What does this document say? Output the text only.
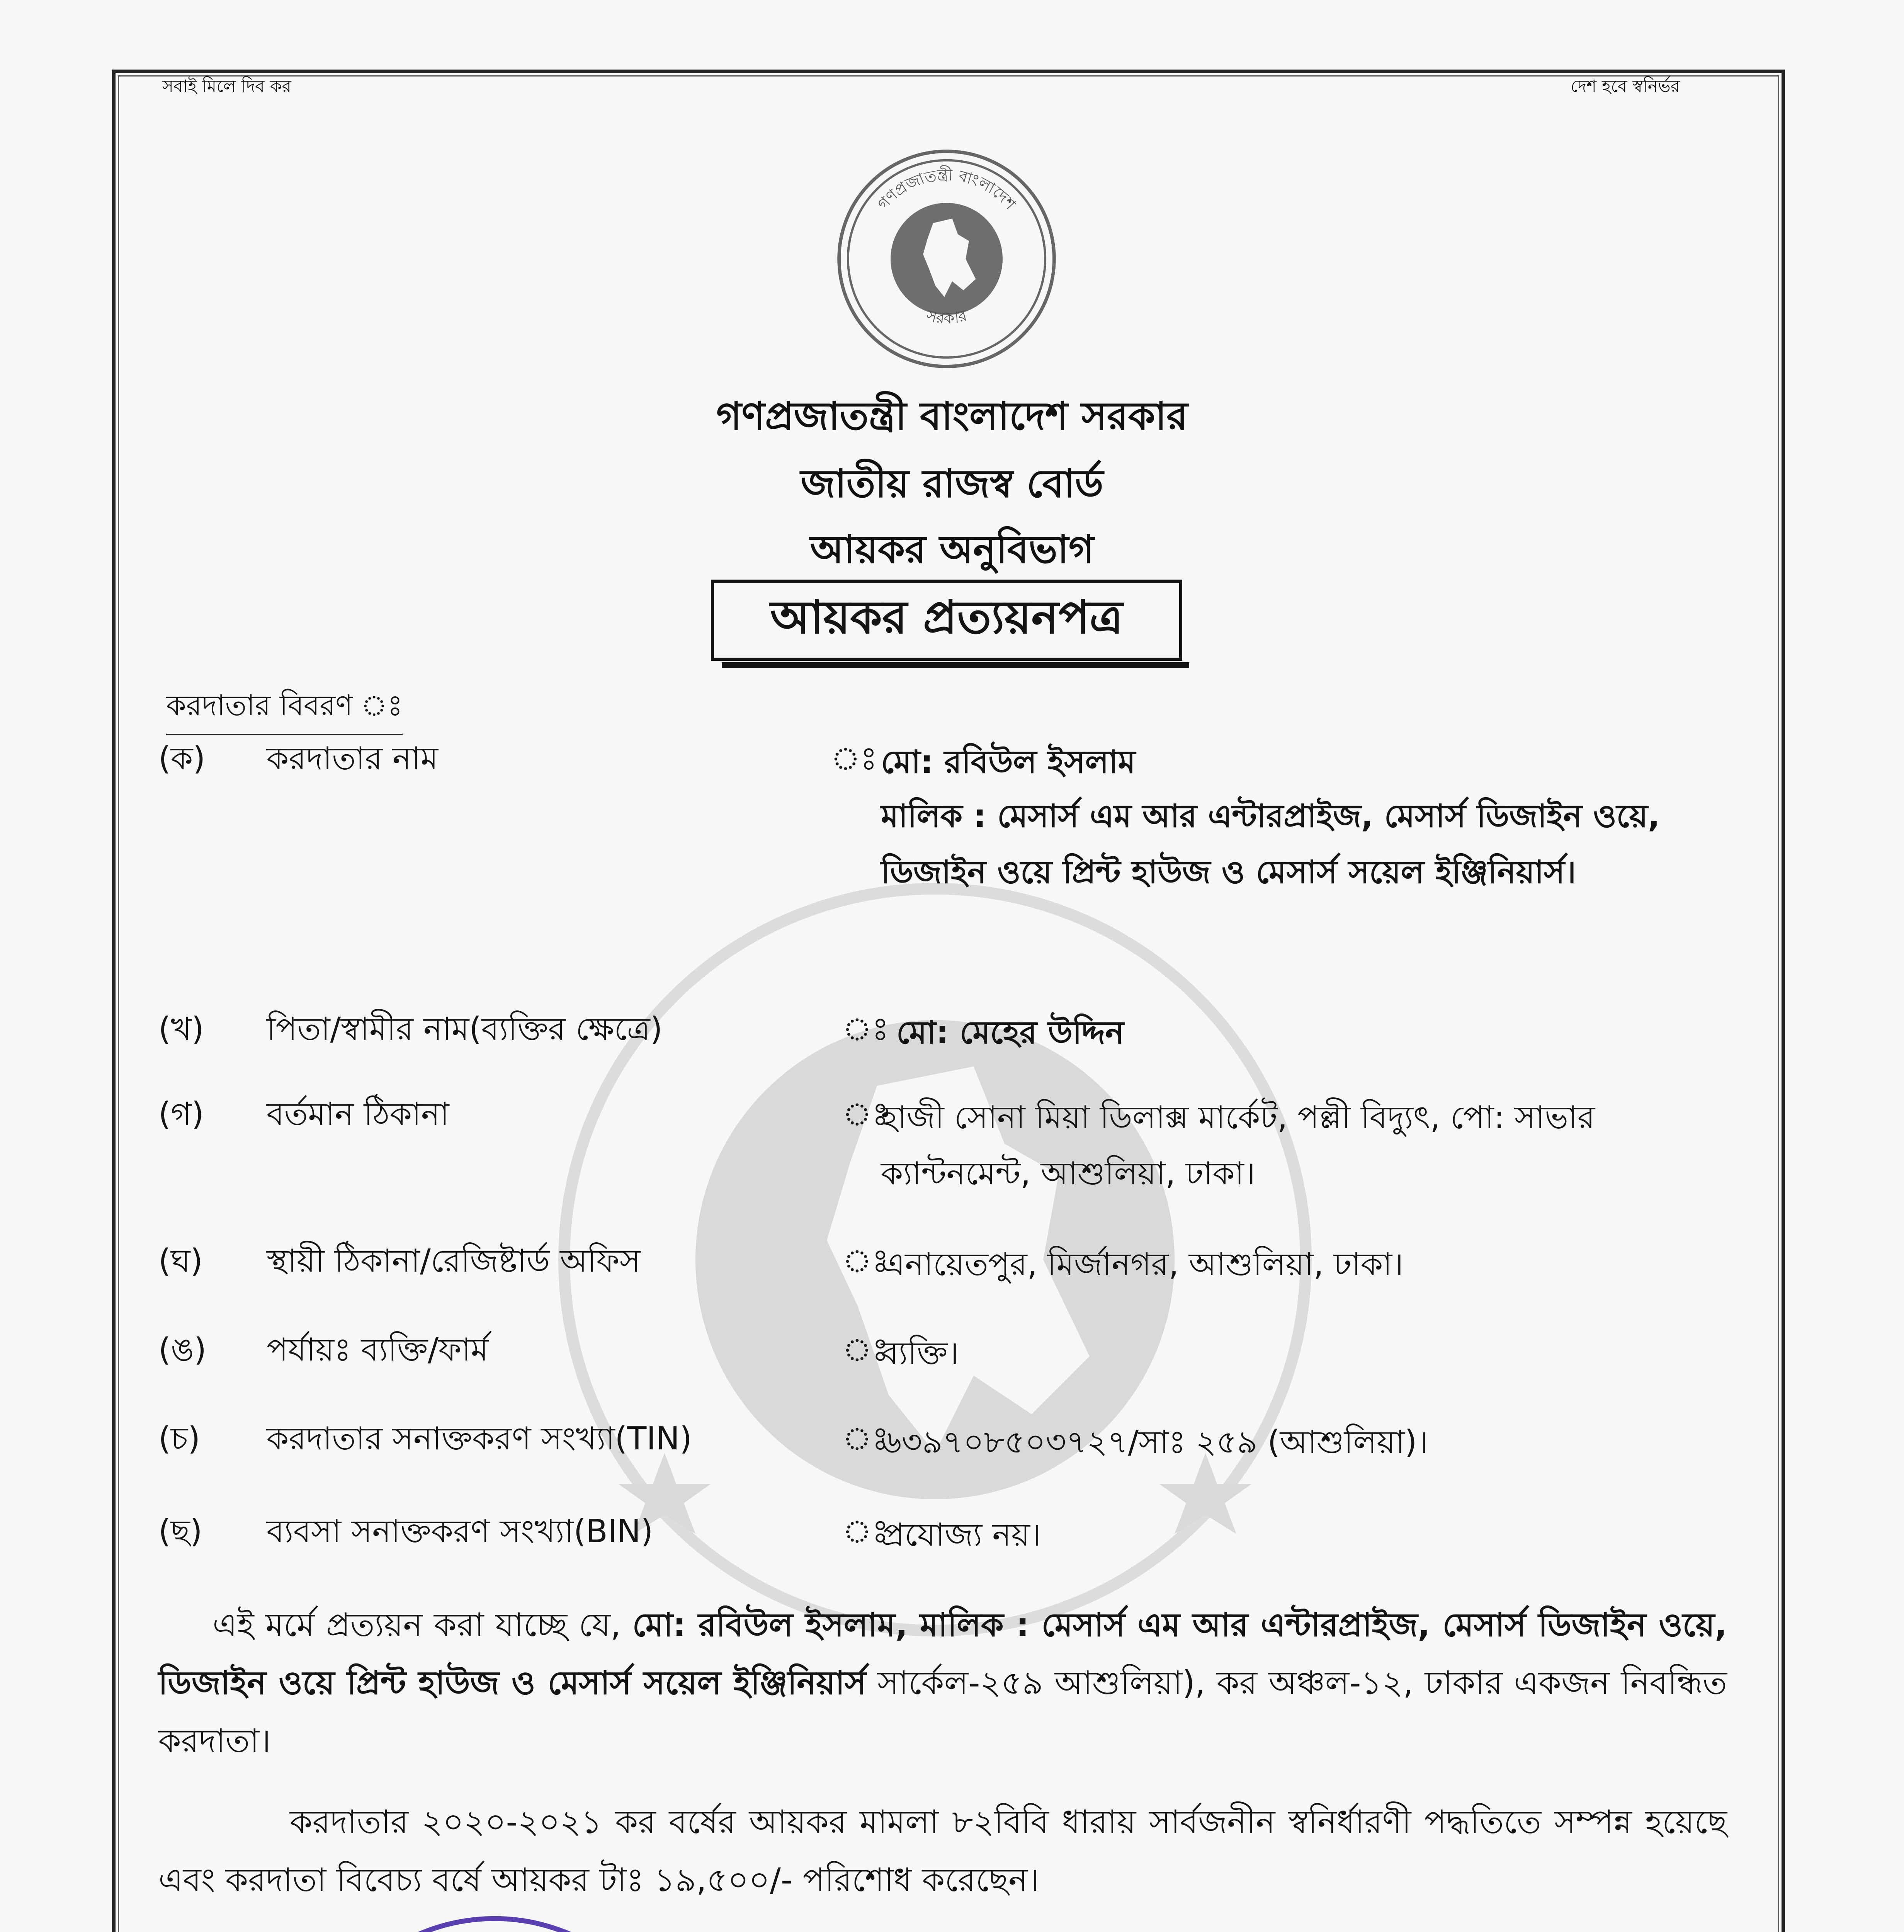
সবাই মিলে দিব কর	দেশ হবে স্বনির্ভর
গণপ্রজাতন্ত্রী বাংলাদেশ
সরকার
গণপ্রজাতন্ত্রী বাংলাদেশ সরকার
জাতীয় রাজস্ব বোর্ড
আয়কর অনুবিভাগ
আয়কর প্রত্যয়নপত্র
করদাতার বিবরণ ঃ
(ক) করদাতার নাম	ঃ মো: রবিউল ইসলাম
মালিক : মেসার্স এম আর এন্টারপ্রাইজ, মেসার্স ডিজাইন ওয়ে, ডিজাইন ওয়ে প্রিন্ট হাউজ ও মেসার্স সয়েল ইঞ্জিনিয়ার্স।
(খ) পিতা/স্বামীর নাম(ব্যক্তির ক্ষেত্রে)	ঃ মো: মেহের উদ্দিন
(গ) বর্তমান ঠিকানা	ঃ
হাজী সোনা মিয়া ডিলাক্স মার্কেট, পল্লী বিদ্যুৎ, পো: সাভার ক্যান্টনমেন্ট, আশুলিয়া, ঢাকা।
(ঘ) স্থায়ী ঠিকানা/রেজিষ্টার্ড অফিস	ঃ
এনায়েতপুর, মির্জানগর, আশুলিয়া, ঢাকা।
(ঙ) পর্যায়ঃ ব্যক্তি/ফার্ম	ঃ
ব্যক্তি।
(চ) করদাতার সনাক্তকরণ সংখ্যা(TIN)	ঃ
৬৩৯৭০৮৫০৩৭২৭/সাঃ ২৫৯ (আশুলিয়া)।
(ছ) ব্যবসা সনাক্তকরণ সংখ্যা(BIN)	ঃ
প্রযোজ্য নয়।
এই মর্মে প্রত্যয়ন করা যাচ্ছে যে, মো: রবিউল ইসলাম, মালিক : মেসার্স এম আর এন্টারপ্রাইজ, মেসার্স ডিজাইন ওয়ে, ডিজাইন ওয়ে প্রিন্ট হাউজ ও মেসার্স সয়েল ইঞ্জিনিয়ার্স সার্কেল-২৫৯ আশুলিয়া), কর অঞ্চল-১২, ঢাকার একজন নিবন্ধিত করদাতা।
করদাতার ২০২০-২০২১ কর বর্ষের আয়কর মামলা ৮২বিবি ধারায় সার্বজনীন স্বনির্ধারণী পদ্ধতিতে সম্পন্ন হয়েছে এবং করদাতা বিবেচ্য বর্ষে আয়কর টাঃ ১৯,৫০০/- পরিশোধ করেছেন।
